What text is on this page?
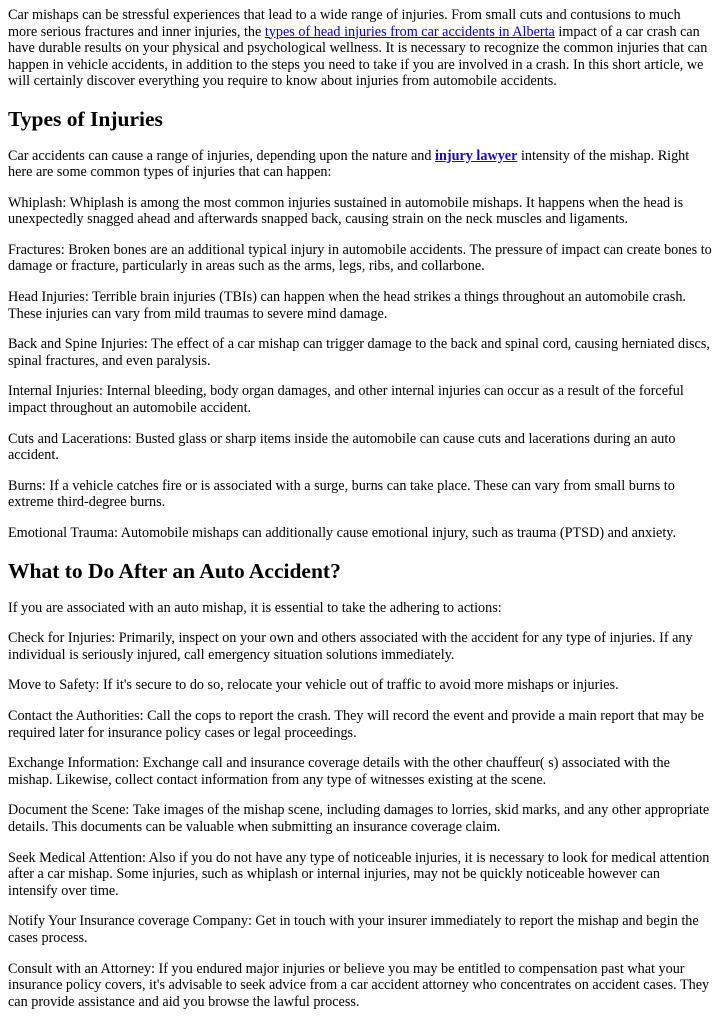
Car mishaps can be stressful experiences that lead to a wide range of injuries. From small cuts and contusions to much more serious fractures and inner injuries, the types of head injuries from car accidents in Alberta impact of a car crash can have durable results on your physical and psychological wellness. It is necessary to recognize the common injuries that can happen in vehicle accidents, in addition to the steps you need to take if you are involved in a crash. In this short article, we will certainly discover everything you require to know about injuries from automobile accidents.

Types of Injuries

Car accidents can cause a range of injuries, depending upon the nature and injury lawyer intensity of the mishap. Right here are some common types of injuries that can happen:

Whiplash: Whiplash is among the most common injuries sustained in automobile mishaps. It happens when the head is unexpectedly snagged ahead and afterwards snapped back, causing strain on the neck muscles and ligaments.

Fractures: Broken bones are an additional typical injury in automobile accidents. The pressure of impact can create bones to damage or fracture, particularly in areas such as the arms, legs, ribs, and collarbone.

Head Injuries: Terrible brain injuries (TBIs) can happen when the head strikes a things throughout an automobile crash. These injuries can vary from mild traumas to severe mind damage.

Back and Spine Injuries: The effect of a car mishap can trigger damage to the back and spinal cord, causing herniated discs, spinal fractures, and even paralysis.

Internal Injuries: Internal bleeding, body organ damages, and other internal injuries can occur as a result of the forceful impact throughout an automobile accident.

Cuts and Lacerations: Busted glass or sharp items inside the automobile can cause cuts and lacerations during an auto accident.

Burns: If a vehicle catches fire or is associated with a surge, burns can take place. These can vary from small burns to extreme third-degree burns.

Emotional Trauma: Automobile mishaps can additionally cause emotional injury, such as trauma (PTSD) and anxiety.

What to Do After an Auto Accident?

If you are associated with an auto mishap, it is essential to take the adhering to actions:

Check for Injuries: Primarily, inspect on your own and others associated with the accident for any type of injuries. If any individual is seriously injured, call emergency situation solutions immediately.

Move to Safety: If it's secure to do so, relocate your vehicle out of traffic to avoid more mishaps or injuries.

Contact the Authorities: Call the cops to report the crash. They will record the event and provide a main report that may be required later for insurance policy cases or legal proceedings.

Exchange Information: Exchange call and insurance coverage details with the other chauffeur( s) associated with the mishap. Likewise, collect contact information from any type of witnesses existing at the scene.

Document the Scene: Take images of the mishap scene, including damages to lorries, skid marks, and any other appropriate details. This documents can be valuable when submitting an insurance coverage claim.

Seek Medical Attention: Also if you do not have any type of noticeable injuries, it is necessary to look for medical attention after a car mishap. Some injuries, such as whiplash or internal injuries, may not be quickly noticeable however can intensify over time.

Notify Your Insurance coverage Company: Get in touch with your insurer immediately to report the mishap and begin the cases process.

Consult with an Attorney: If you endured major injuries or believe you may be entitled to compensation past what your insurance policy covers, it's advisable to seek advice from a car accident attorney who concentrates on accident cases. They can provide assistance and aid you browse the lawful process.
